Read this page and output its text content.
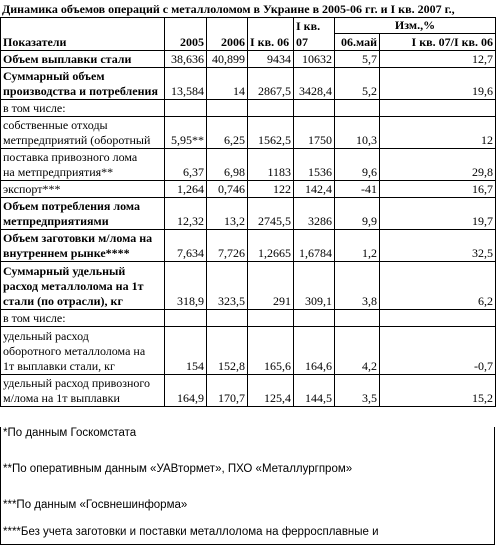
Динамика объемов операций с металлоломом в Украине в 2005-06 гг. и I кв. 2007 г.,
				I кв.	Изм.,%	
Показатели	2005	2006	I кв. 06	07	06.май	I кв. 07/I кв. 06

Объем выплавки стали	38,636	40,899	9434	10632	5,7	12,7

Суммарный объем
производства и потребления	13,584	14	2867,5	3428,4	5,2	19,6

в том числе:						

собственные отходы
метпредприятий (оборотный	5,95**	6,25	1562,5	1750	10,3	12

поставка привозного лома
на метпредприятия**	6,37	6,98	1183	1536	9,6	29,8

экспорт***	1,264	0,746	122	142,4	-41	16,7

Объем потребления лома
метпредприятиями	12,32	13,2	2745,5	3286	9,9	19,7

Объем заготовки м/лома на
внутреннем рынке****	7,634	7,726	1,2665	1,6784	1,2	32,5

Суммарный удельный
расход металлолома на 1т
стали (по отрасли), кг	318,9	323,5	291	309,1	3,8	6,2

в том числе:						

удельный расход
оборотного металлолома на
1т выплавки стали, кг	154	152,8	165,6	164,6	4,2	-0,7

удельный расход привозного
м/лома на 1т выплавки	164,9	170,7	125,4	144,5	3,5	15,2
*По данным Госкомстата
**По оперативным данным «УАВтормет», ПХО «Металлургпром»
***По данным «Госвнешинформа»
****Без учета заготовки и поставки металлолома на ферросплавные и
